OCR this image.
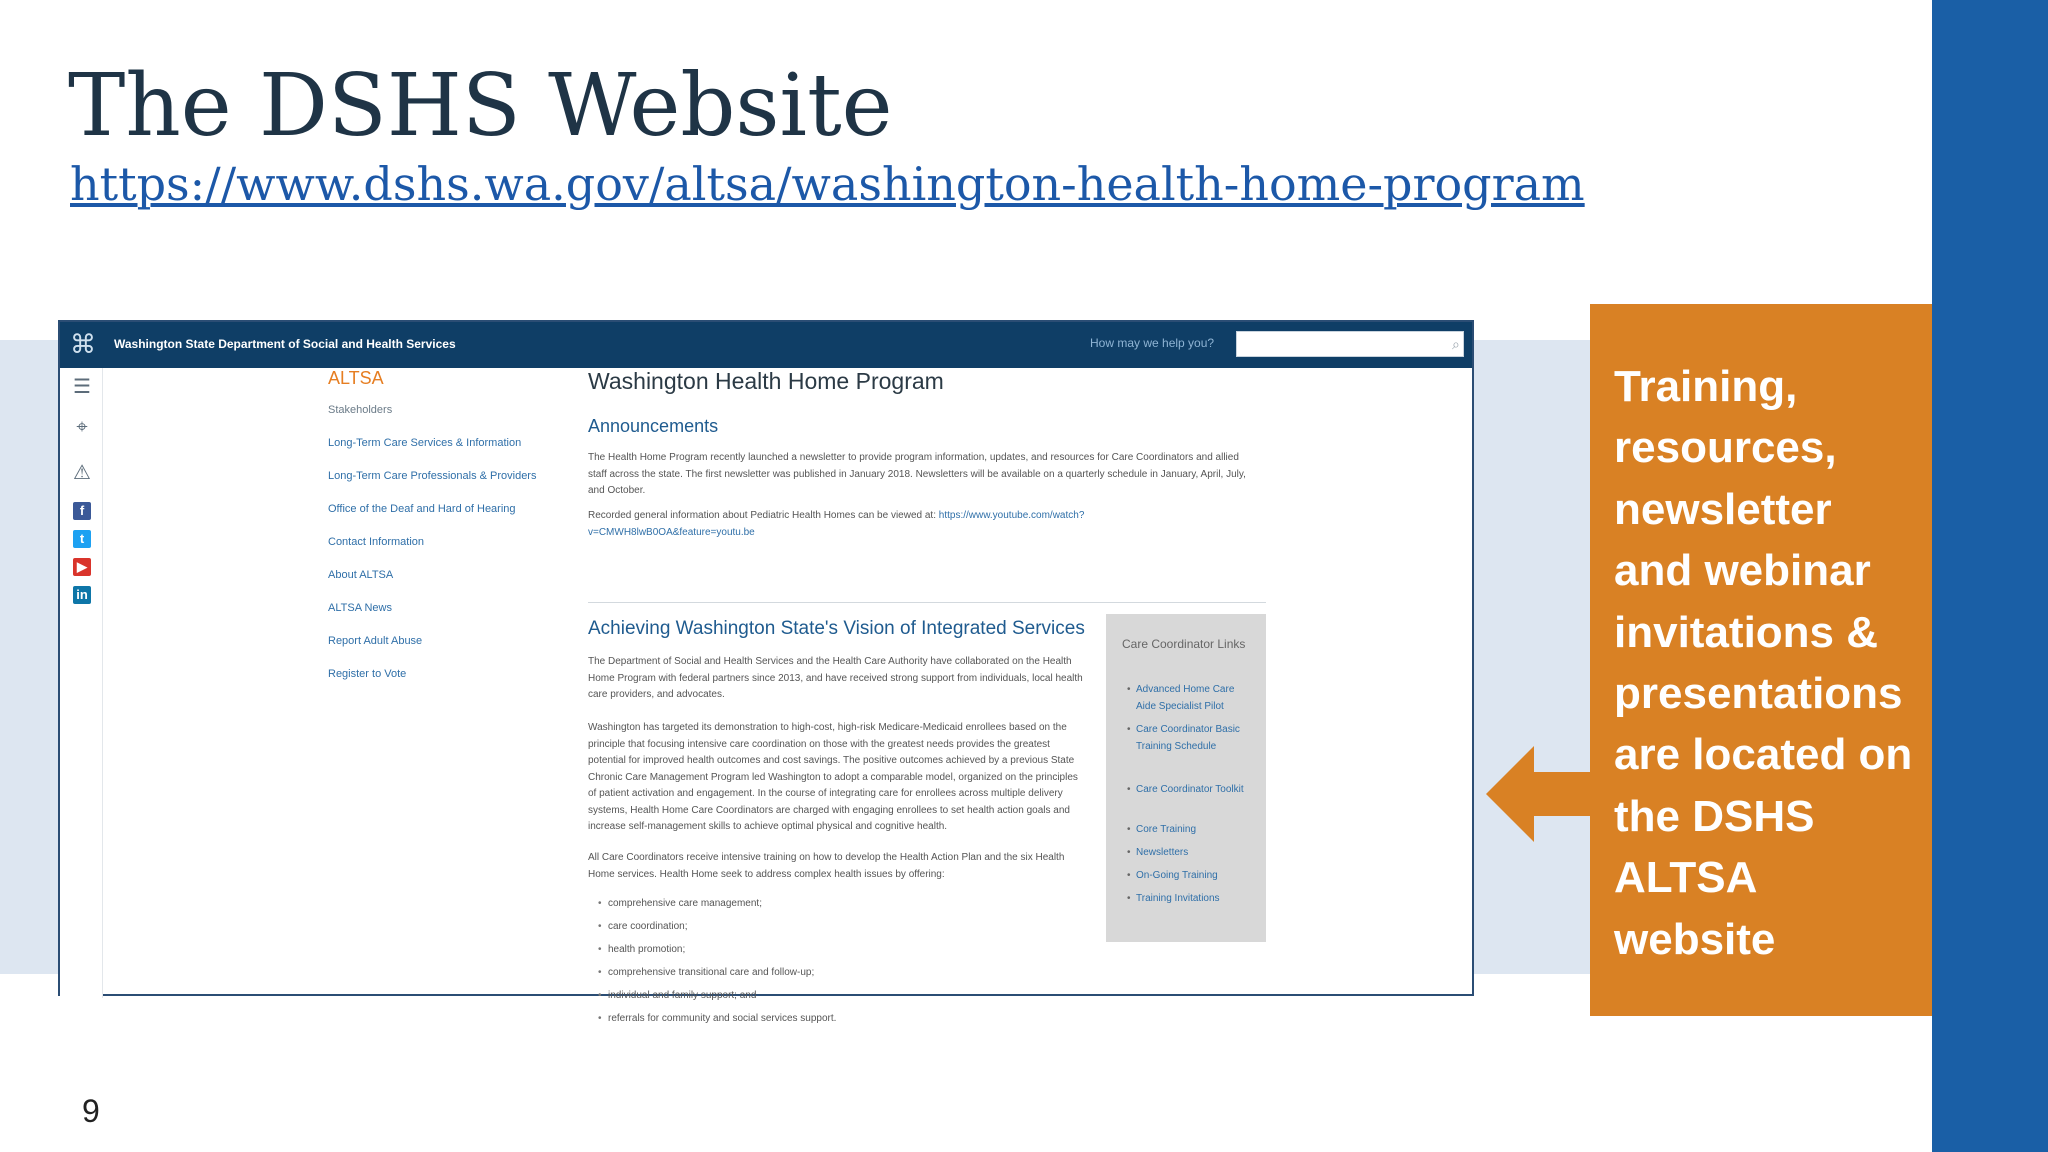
The DSHS Website
https://www.dshs.wa.gov/altsa/washington-health-home-program
⌘ Washington State Department of Social and Health Services	How may we help you?	⌕
☰
⌖
⚠
f
t
▶
in
ALTSA
Stakeholders
Long-Term Care Services & Information
Long-Term Care Professionals & Providers
Office of the Deaf and Hard of Hearing
Contact Information
About ALTSA
ALTSA News
Report Adult Abuse
Register to Vote
Washington Health Home Program
Announcements
The Health Home Program recently launched a newsletter to provide program information, updates, and resources for Care Coordinators and allied staff across the state. The first newsletter was published in January 2018. Newsletters will be available on a quarterly schedule in January, April, July, and October.
Recorded general information about Pediatric Health Homes can be viewed at: https://www.youtube.com/watch?v=CMWH8lwB0OA&feature=youtu.be
Achieving Washington State's Vision of Integrated Services
The Department of Social and Health Services and the Health Care Authority have collaborated on the Health Home Program with federal partners since 2013, and have received strong support from individuals, local health care providers, and advocates.
Washington has targeted its demonstration to high-cost, high-risk Medicare-Medicaid enrollees based on the principle that focusing intensive care coordination on those with the greatest needs provides the greatest potential for improved health outcomes and cost savings. The positive outcomes achieved by a previous State Chronic Care Management Program led Washington to adopt a comparable model, organized on the principles of patient activation and engagement. In the course of integrating care for enrollees across multiple delivery systems, Health Home Care Coordinators are charged with engaging enrollees to set health action goals and increase self-management skills to achieve optimal physical and cognitive health.
All Care Coordinators receive intensive training on how to develop the Health Action Plan and the six Health Home services. Health Home seek to address complex health issues by offering:
• comprehensive care management;
• care coordination;
• health promotion;
• comprehensive transitional care and follow-up;
• individual and family support; and
• referrals for community and social services support.
Care Coordinator Links
• Advanced Home Care Aide Specialist Pilot
• Care Coordinator Basic Training Schedule
• Care Coordinator Toolkit
• Core Training
• Newsletters
• On-Going Training
• Training Invitations
Training, resources, newsletter and webinar invitations & presentations are located on the DSHS ALTSA website
9
